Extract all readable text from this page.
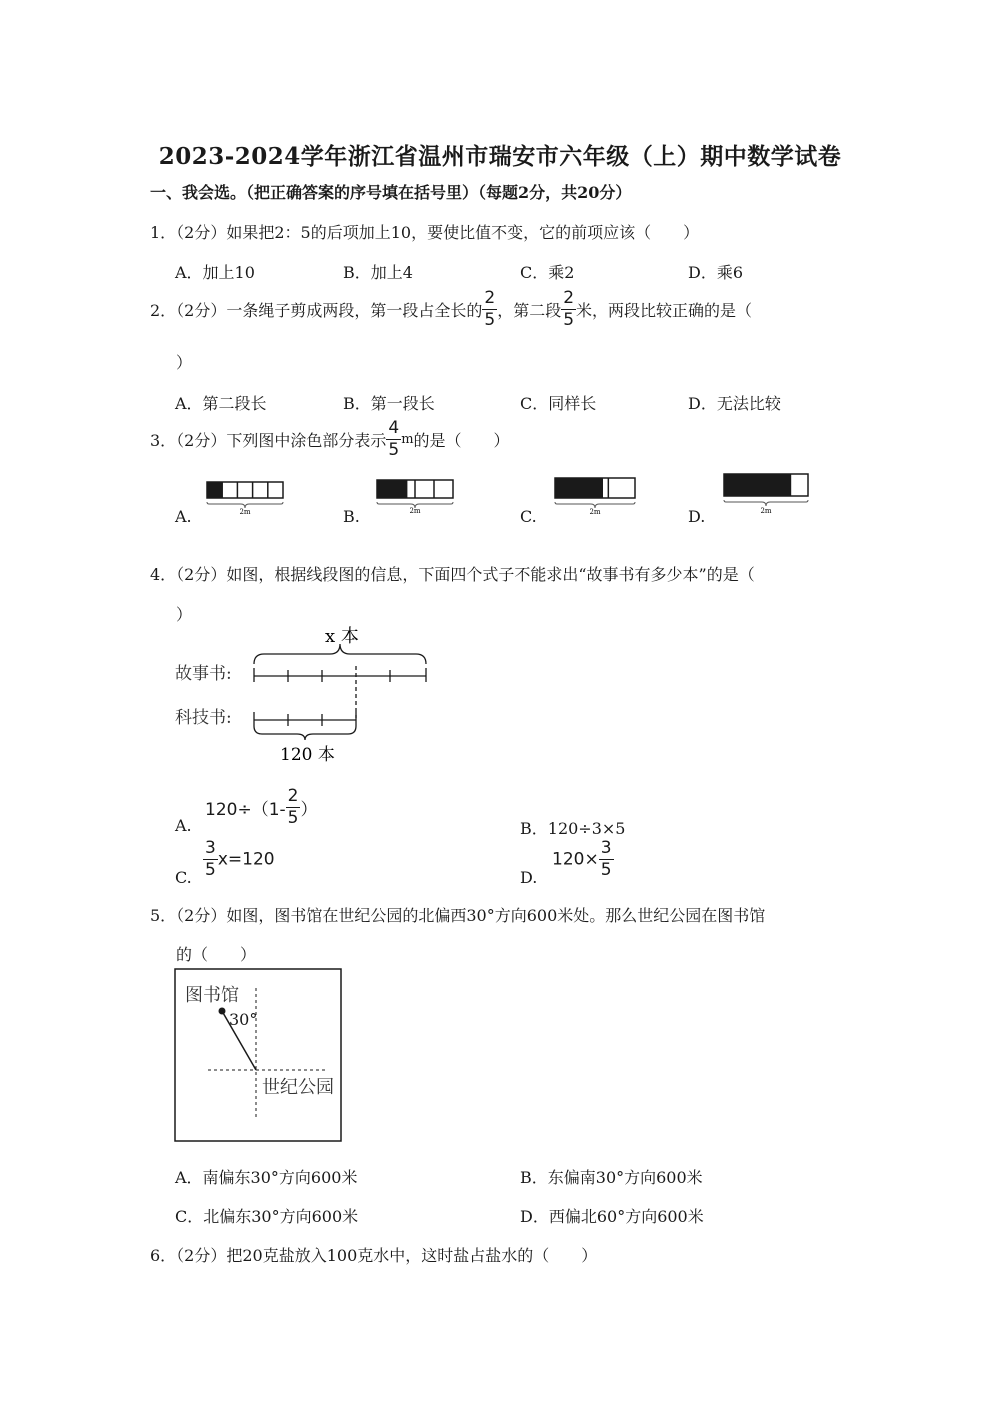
2023-2024学年浙江省温州市瑞安市六年级（上）期中数学试卷
一、我会选。（把正确答案的序号填在括号里）（每题2分，共20分）
1．（2分）如果把2：5的后项加上10，要使比值不变，它的前项应该（　　）
A．加上10	B．加上4	C．乘2	D．乘6
2．（2分）一条绳子剪成两段，第一段占全长的 $\frac{2}{5}$ ，第二段 $\frac{2}{5}$ 米，两段比较正确的是（
）
A．第二段长	B．第一段长	C．同样长	D．无法比较
3．（2分）下列图中涂色部分表示 $\frac{4}{5}$ m的是（　　）
A.	B.	C.	D.
2m	2m	2m	2m
4．（2分）如图，根据线段图的信息，下面四个式子不能求出“故事书有多少本”的是（
）
x 本
故事书:
科技书:
120 本
A.
$120\div(1- \frac{2}{5}$ ）
B．120÷3×5
C. $\frac{3}{5} x=120$
D.
$120\times \frac{3}{5}$
5．（2分）如图，图书馆在世纪公园的北偏西30°方向600米处。那么世纪公园在图书馆
的（　　）
图书馆
30°
世纪公园
A．南偏东30°方向600米	B．东偏南30°方向600米
C．北偏东30°方向600米	D．西偏北60°方向600米
6．（2分）把20克盐放入100克水中，这时盐占盐水的（　　）
